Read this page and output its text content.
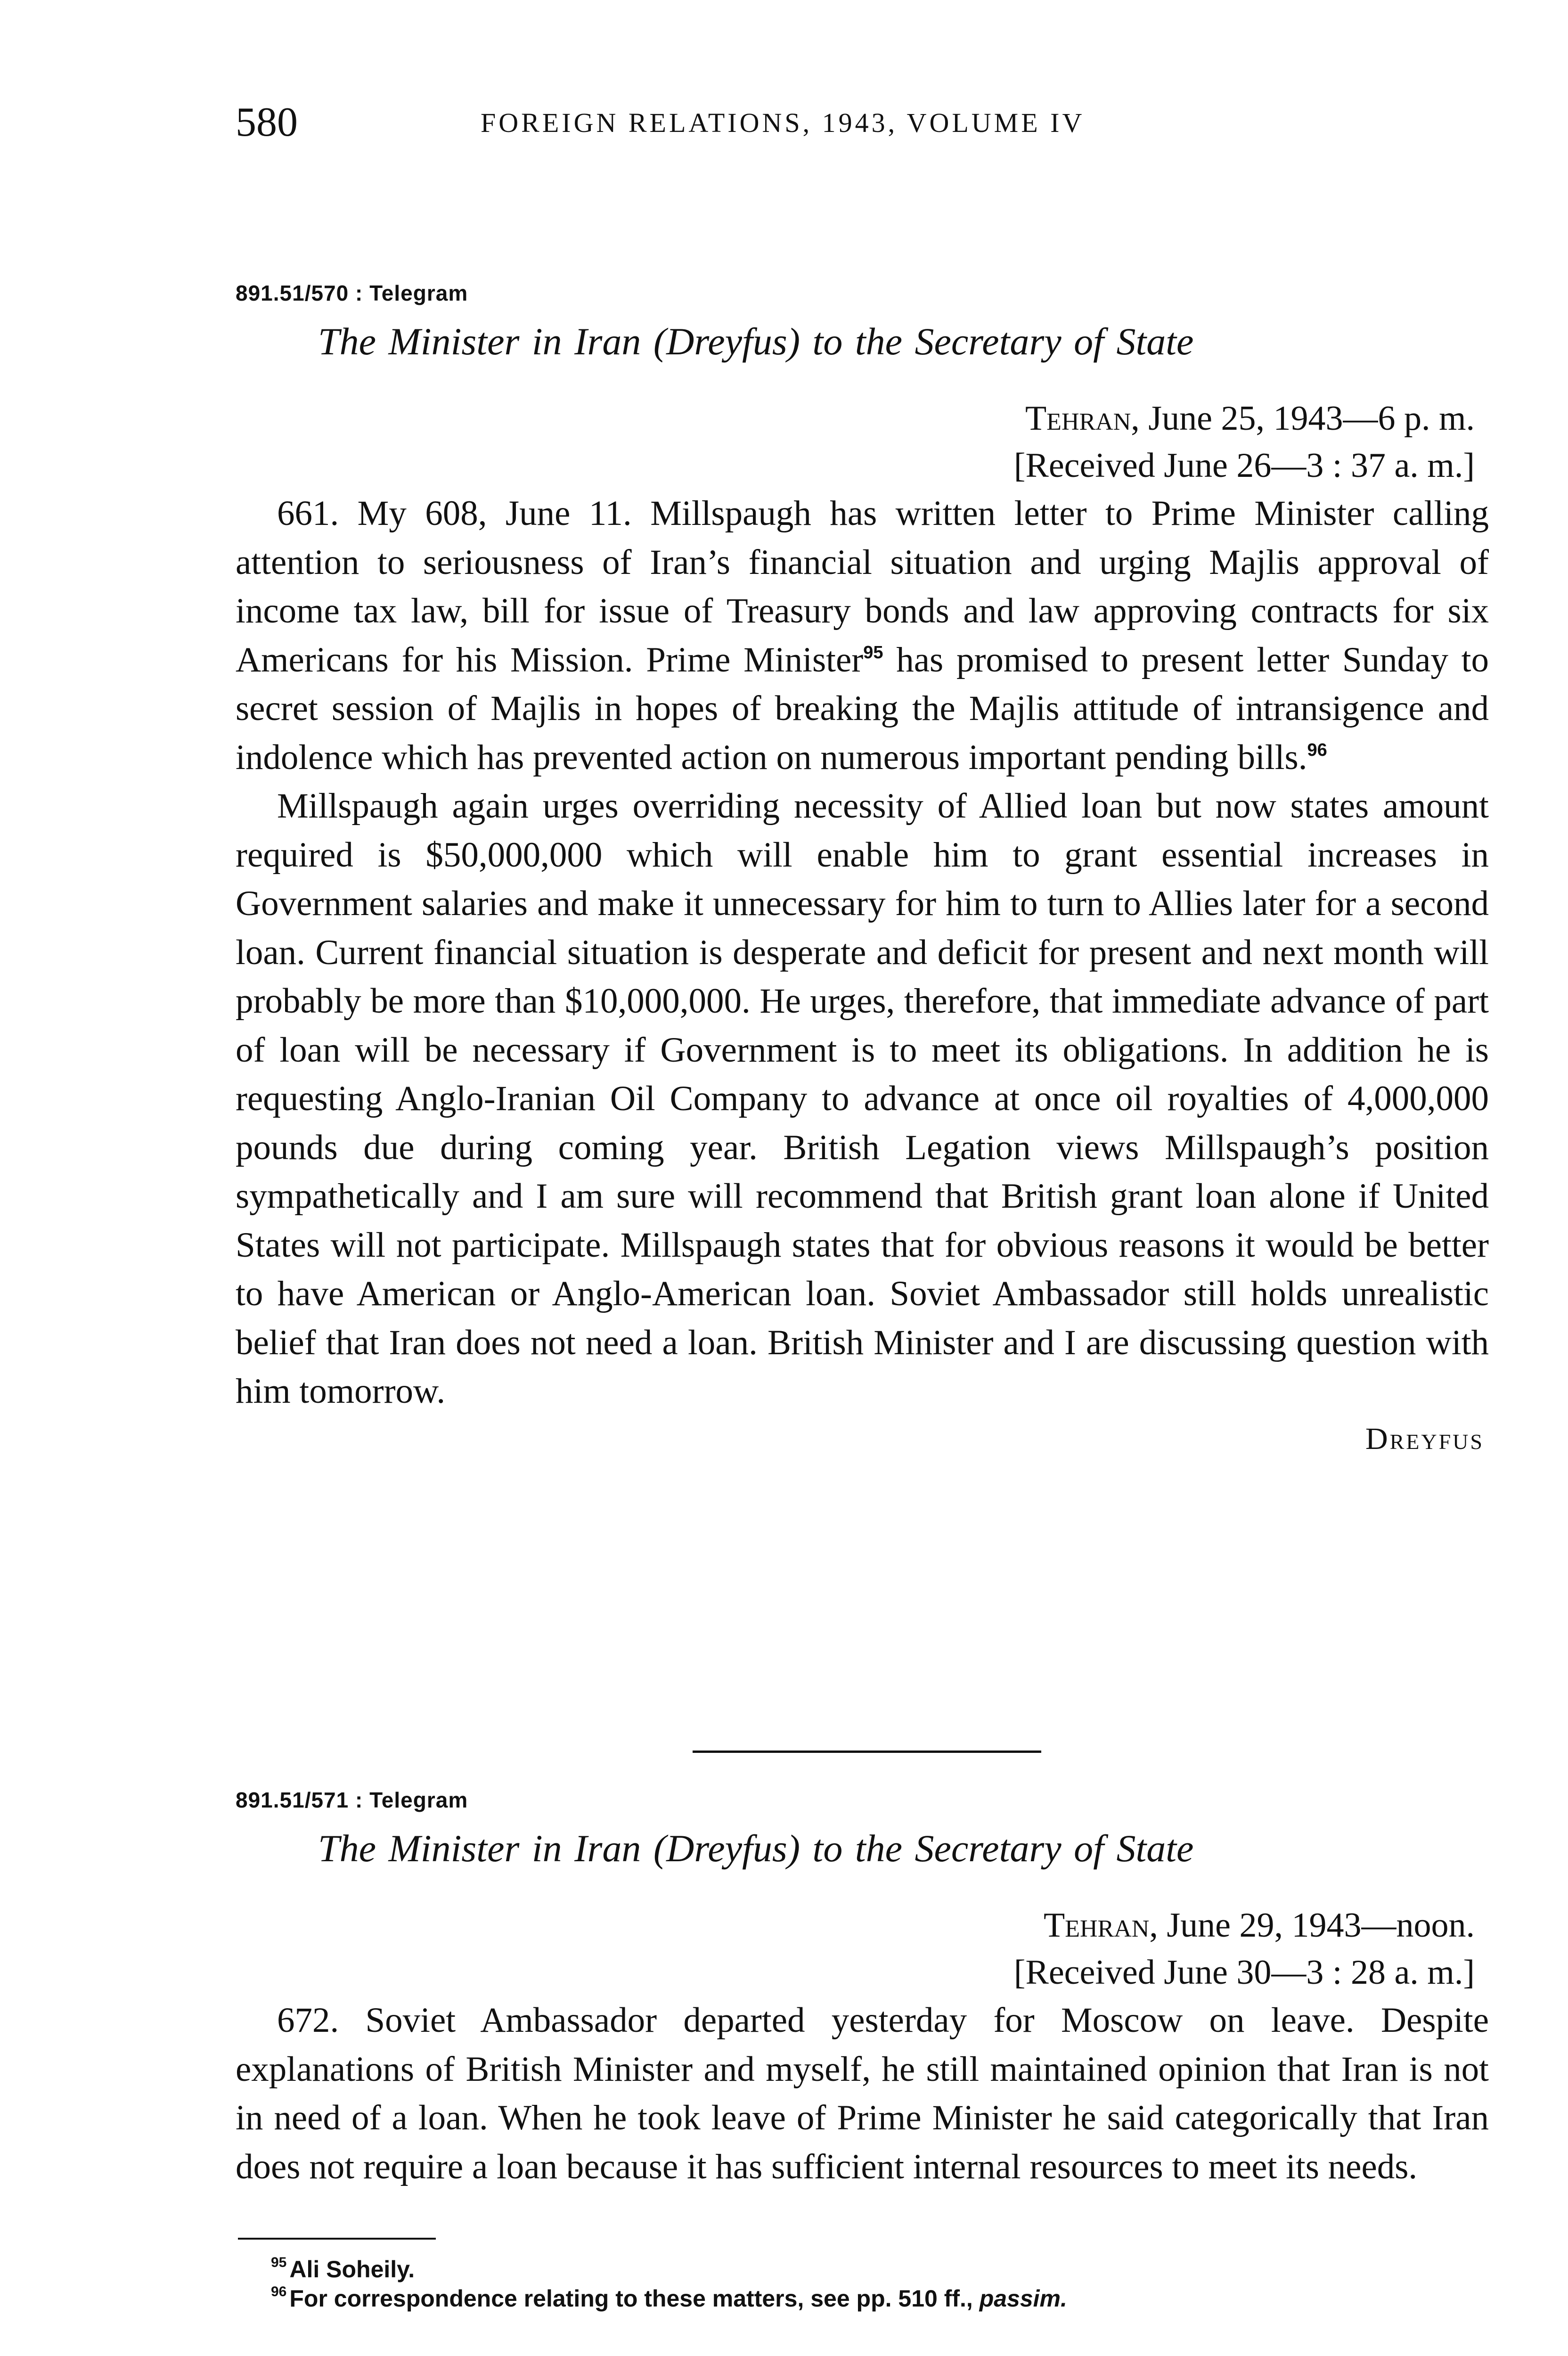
580	FOREIGN RELATIONS, 1943, VOLUME IV
891.51/570 : Telegram
The Minister in Iran (Dreyfus) to the Secretary of State
Tehran, June 25, 1943—6 p. m.
[Received June 26—3 : 37 a. m.]

661. My 608, June 11. Millspaugh has written letter to Prime Minister calling attention to seriousness of Iran’s financial situation and urging Majlis approval of income tax law, bill for issue of Treasury bonds and law approving contracts for six Americans for his Mission. Prime Minister$^{95}$ has promised to present letter Sunday to secret session of Majlis in hopes of breaking the Majlis attitude of intransigence and indolence which has prevented action on numerous important pending bills.$^{96}$

Millspaugh again urges overriding necessity of Allied loan but now states amount required is $50,000,000 which will enable him to grant essential increases in Government salaries and make it unnecessary for him to turn to Allies later for a second loan. Current financial situation is desperate and deficit for present and next month will probably be more than $10,000,000. He urges, therefore, that immediate advance of part of loan will be necessary if Government is to meet its obligations. In addition he is requesting Anglo-Iranian Oil Company to advance at once oil royalties of 4,000,000 pounds due during coming year. British Legation views Millspaugh’s position sympathetically and I am sure will recommend that British grant loan alone if United States will not participate. Millspaugh states that for obvious reasons it would be better to have American or Anglo-American loan. Soviet Ambassador still holds unrealistic belief that Iran does not need a loan. British Minister and I are discussing question with him tomorrow.

Dreyfus
891.51/571 : Telegram
The Minister in Iran (Dreyfus) to the Secretary of State
Tehran, June 29, 1943—noon.
[Received June 30—3 : 28 a. m.]

672. Soviet Ambassador departed yesterday for Moscow on leave. Despite explanations of British Minister and myself, he still maintained opinion that Iran is not in need of a loan. When he took leave of Prime Minister he said categorically that Iran does not require a loan because it has sufficient internal resources to meet its needs.

$^{95}$ Ali Soheily.
$^{96}$ For correspondence relating to these matters, see pp. 510 ff., passim.
